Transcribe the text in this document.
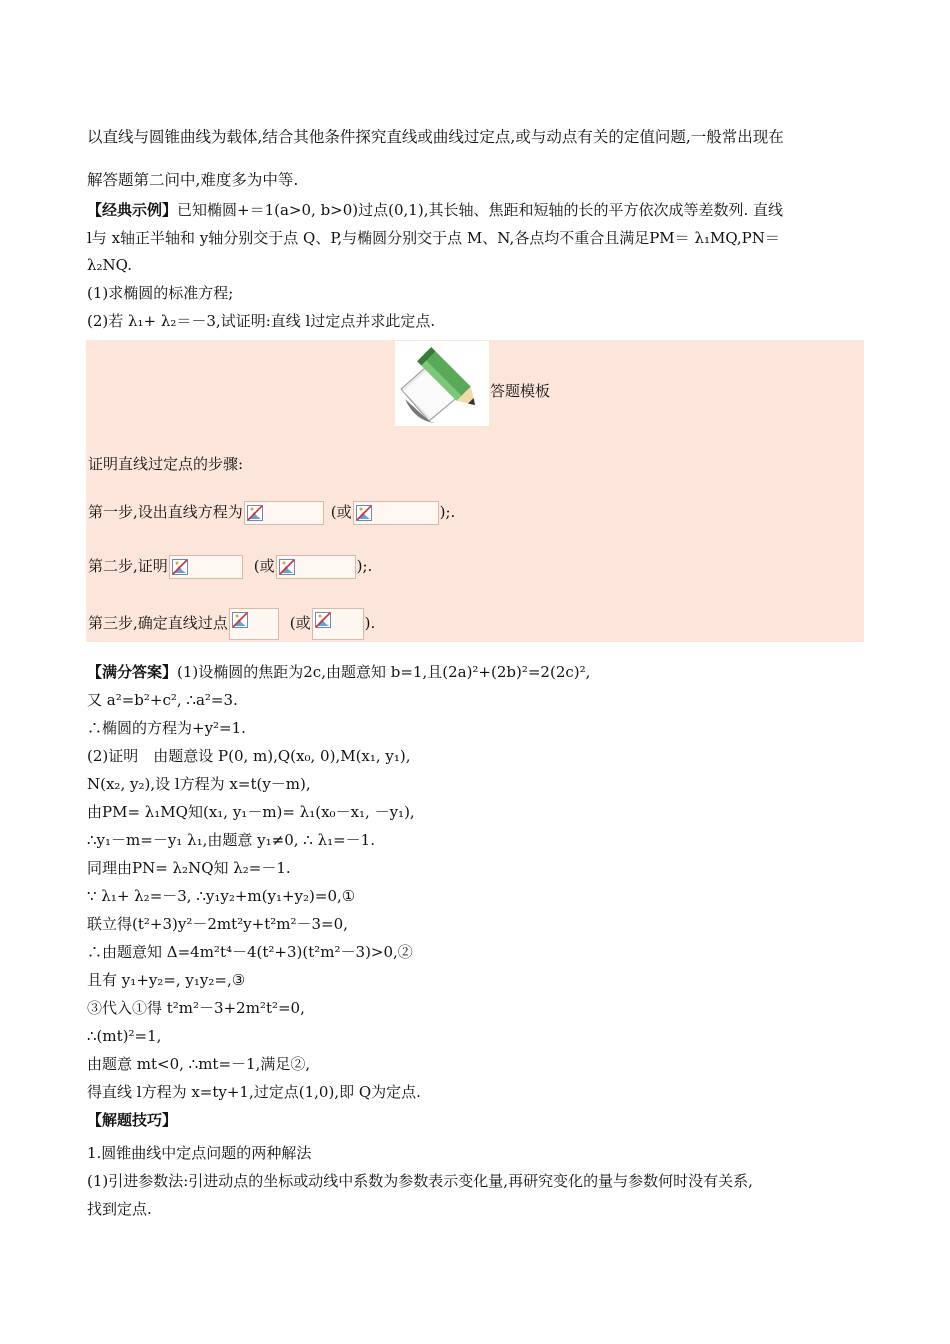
以直线与圆锥曲线为载体,结合其他条件探究直线或曲线过定点,或与动点有关的定值问题,一般常出现在
解答题第二问中,难度多为中等.
【经典示例】已知椭圆+＝1(a>0, b>0)过点(0,1),其长轴、焦距和短轴的长的平方依次成等差数列. 直线
l与 x轴正半轴和 y轴分别交于点 Q、P,与椭圆分别交于点 M、N,各点均不重合且满足PM＝ λ₁MQ,PN＝
λ₂NQ.
(1)求椭圆的标准方程;
(2)若 λ₁+ λ₂＝－3,试证明:直线 l过定点并求此定点.
答题模板
证明直线过定点的步骤:
第一步,设出直线方程为	(或	);.
第二步,证明	(或	);.
第三步,确定直线过点	(或	).
【满分答案】(1)设椭圆的焦距为2c,由题意知 b=1,且(2a)²+(2b)²=2(2c)²,
又 a²=b²+c², ∴a²=3.
∴椭圆的方程为+y²=1.
(2)证明　由题意设 P(0, m),Q(x₀, 0),M(x₁, y₁),
N(x₂, y₂),设 l方程为 x=t(y－m),
由PM= λ₁MQ知(x₁, y₁－m)= λ₁(x₀－x₁, －y₁),
∴y₁－m=－y₁ λ₁,由题意 y₁≠0, ∴ λ₁=－1.
同理由PN= λ₂NQ知 λ₂=－1.
∵ λ₁+ λ₂=－3, ∴y₁y₂+m(y₁+y₂)=0,①
联立得(t²+3)y²－2mt²y+t²m²－3=0,
∴由题意知 Δ=4m²t⁴－4(t²+3)(t²m²－3)>0,②
且有 y₁+y₂=, y₁y₂=,③
③代入①得 t²m²－3+2m²t²=0,
∴(mt)²=1,
由题意 mt<0, ∴mt=－1,满足②,
得直线 l方程为 x=ty+1,过定点(1,0),即 Q为定点.
【解题技巧】
1.圆锥曲线中定点问题的两种解法
(1)引进参数法:引进动点的坐标或动线中系数为参数表示变化量,再研究变化的量与参数何时没有关系,
找到定点.
